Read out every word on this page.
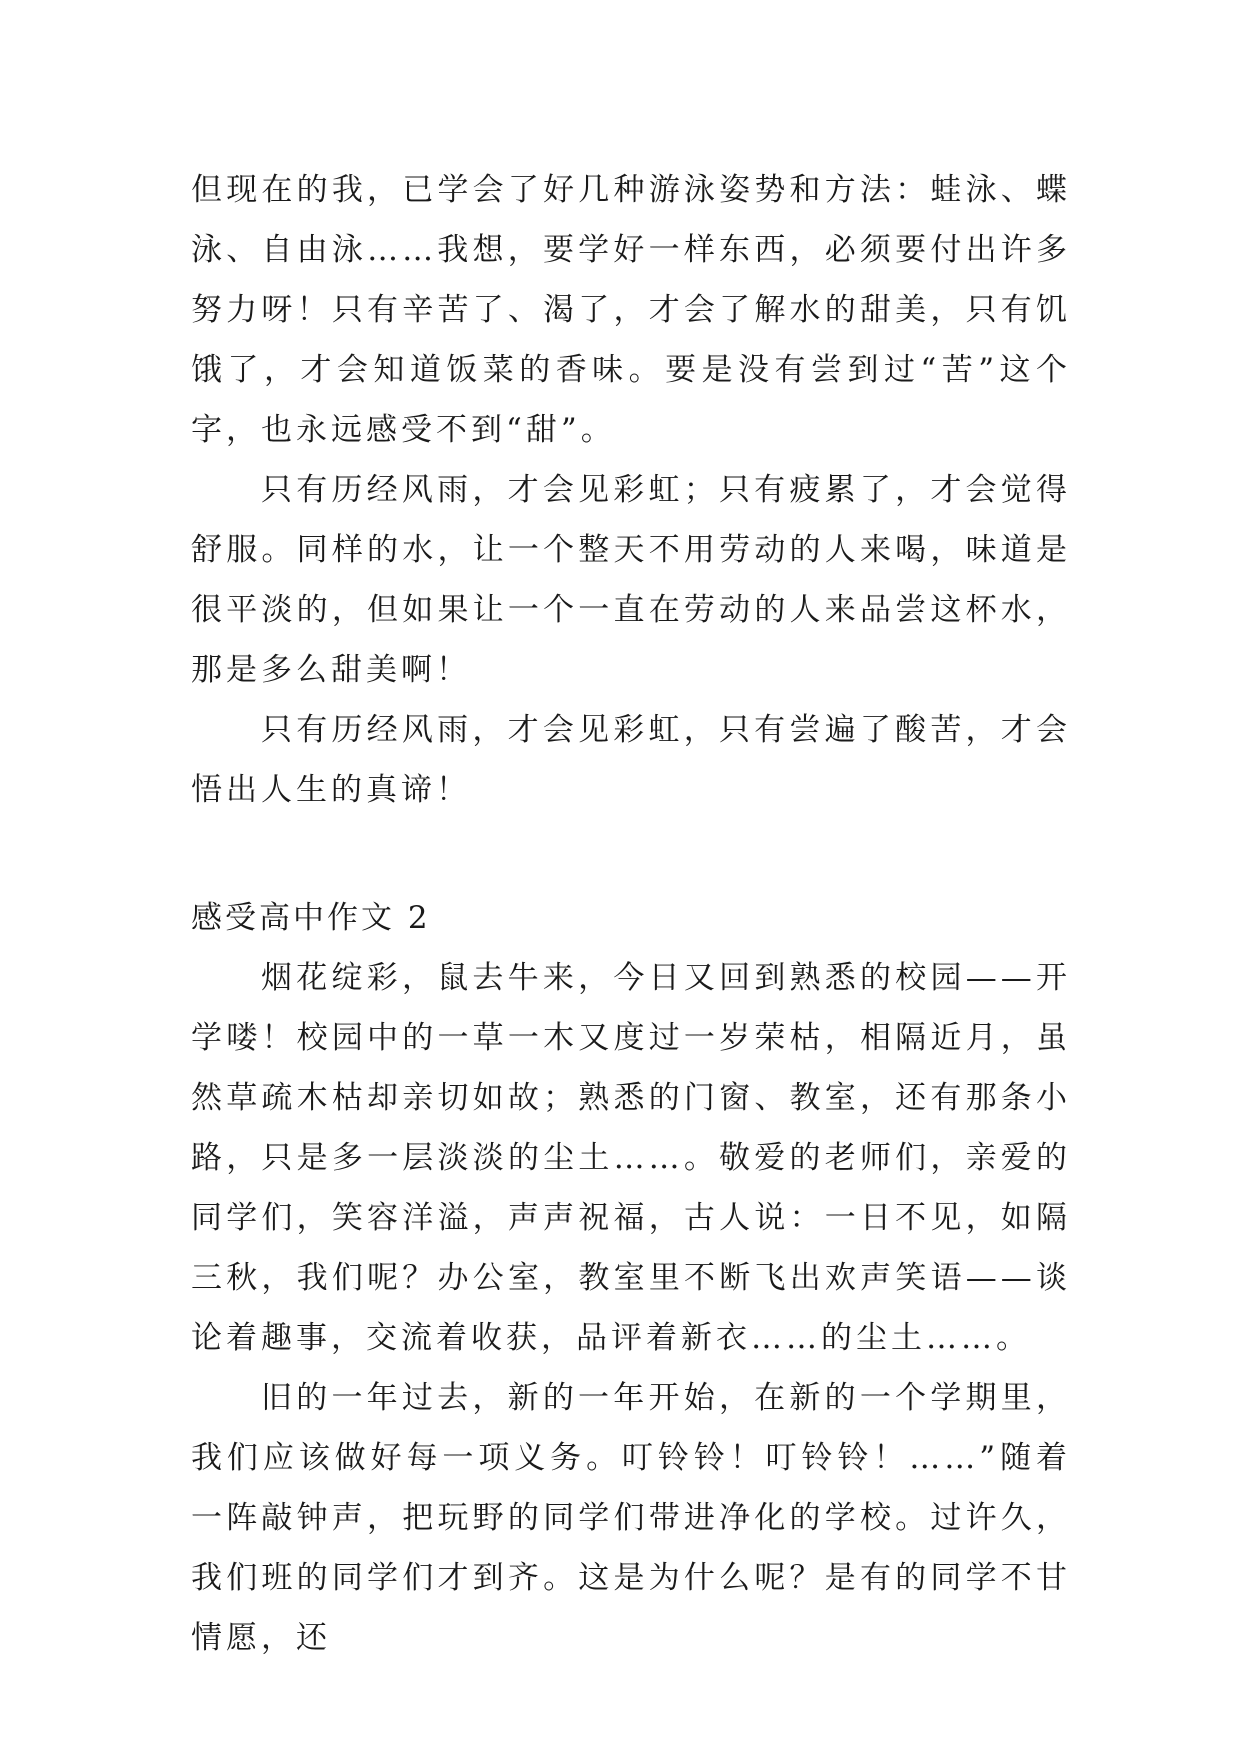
但现在的我，已学会了好几种游泳姿势和方法：蛙泳、蝶泳、自由泳……我想，要学好一样东西，必须要付出许多努力呀！只有辛苦了、渴了，才会了解水的甜美，只有饥饿了，才会知道饭菜的香味。要是没有尝到过“苦”这个字，也永远感受不到“甜”。

只有历经风雨，才会见彩虹；只有疲累了，才会觉得舒服。同样的水，让一个整天不用劳动的人来喝，味道是很平淡的，但如果让一个一直在劳动的人来品尝这杯水，那是多么甜美啊！

只有历经风雨，才会见彩虹，只有尝遍了酸苦，才会悟出人生的真谛！

感受高中作文 2

烟花绽彩，鼠去牛来，今日又回到熟悉的校园——开学喽！校园中的一草一木又度过一岁荣枯，相隔近月，虽然草疏木枯却亲切如故；熟悉的门窗、教室，还有那条小路，只是多一层淡淡的尘土……。敬爱的老师们，亲爱的同学们，笑容洋溢，声声祝福，古人说：一日不见，如隔三秋，我们呢？办公室，教室里不断飞出欢声笑语——谈论着趣事，交流着收获，品评着新衣……的尘土……。

旧的一年过去，新的一年开始，在新的一个学期里，我们应该做好每一项义务。叮铃铃！叮铃铃！……”随着一阵敲钟声，把玩野的同学们带进净化的学校。过许久，我们班的同学们才到齐。这是为什么呢？是有的同学不甘情愿，还
